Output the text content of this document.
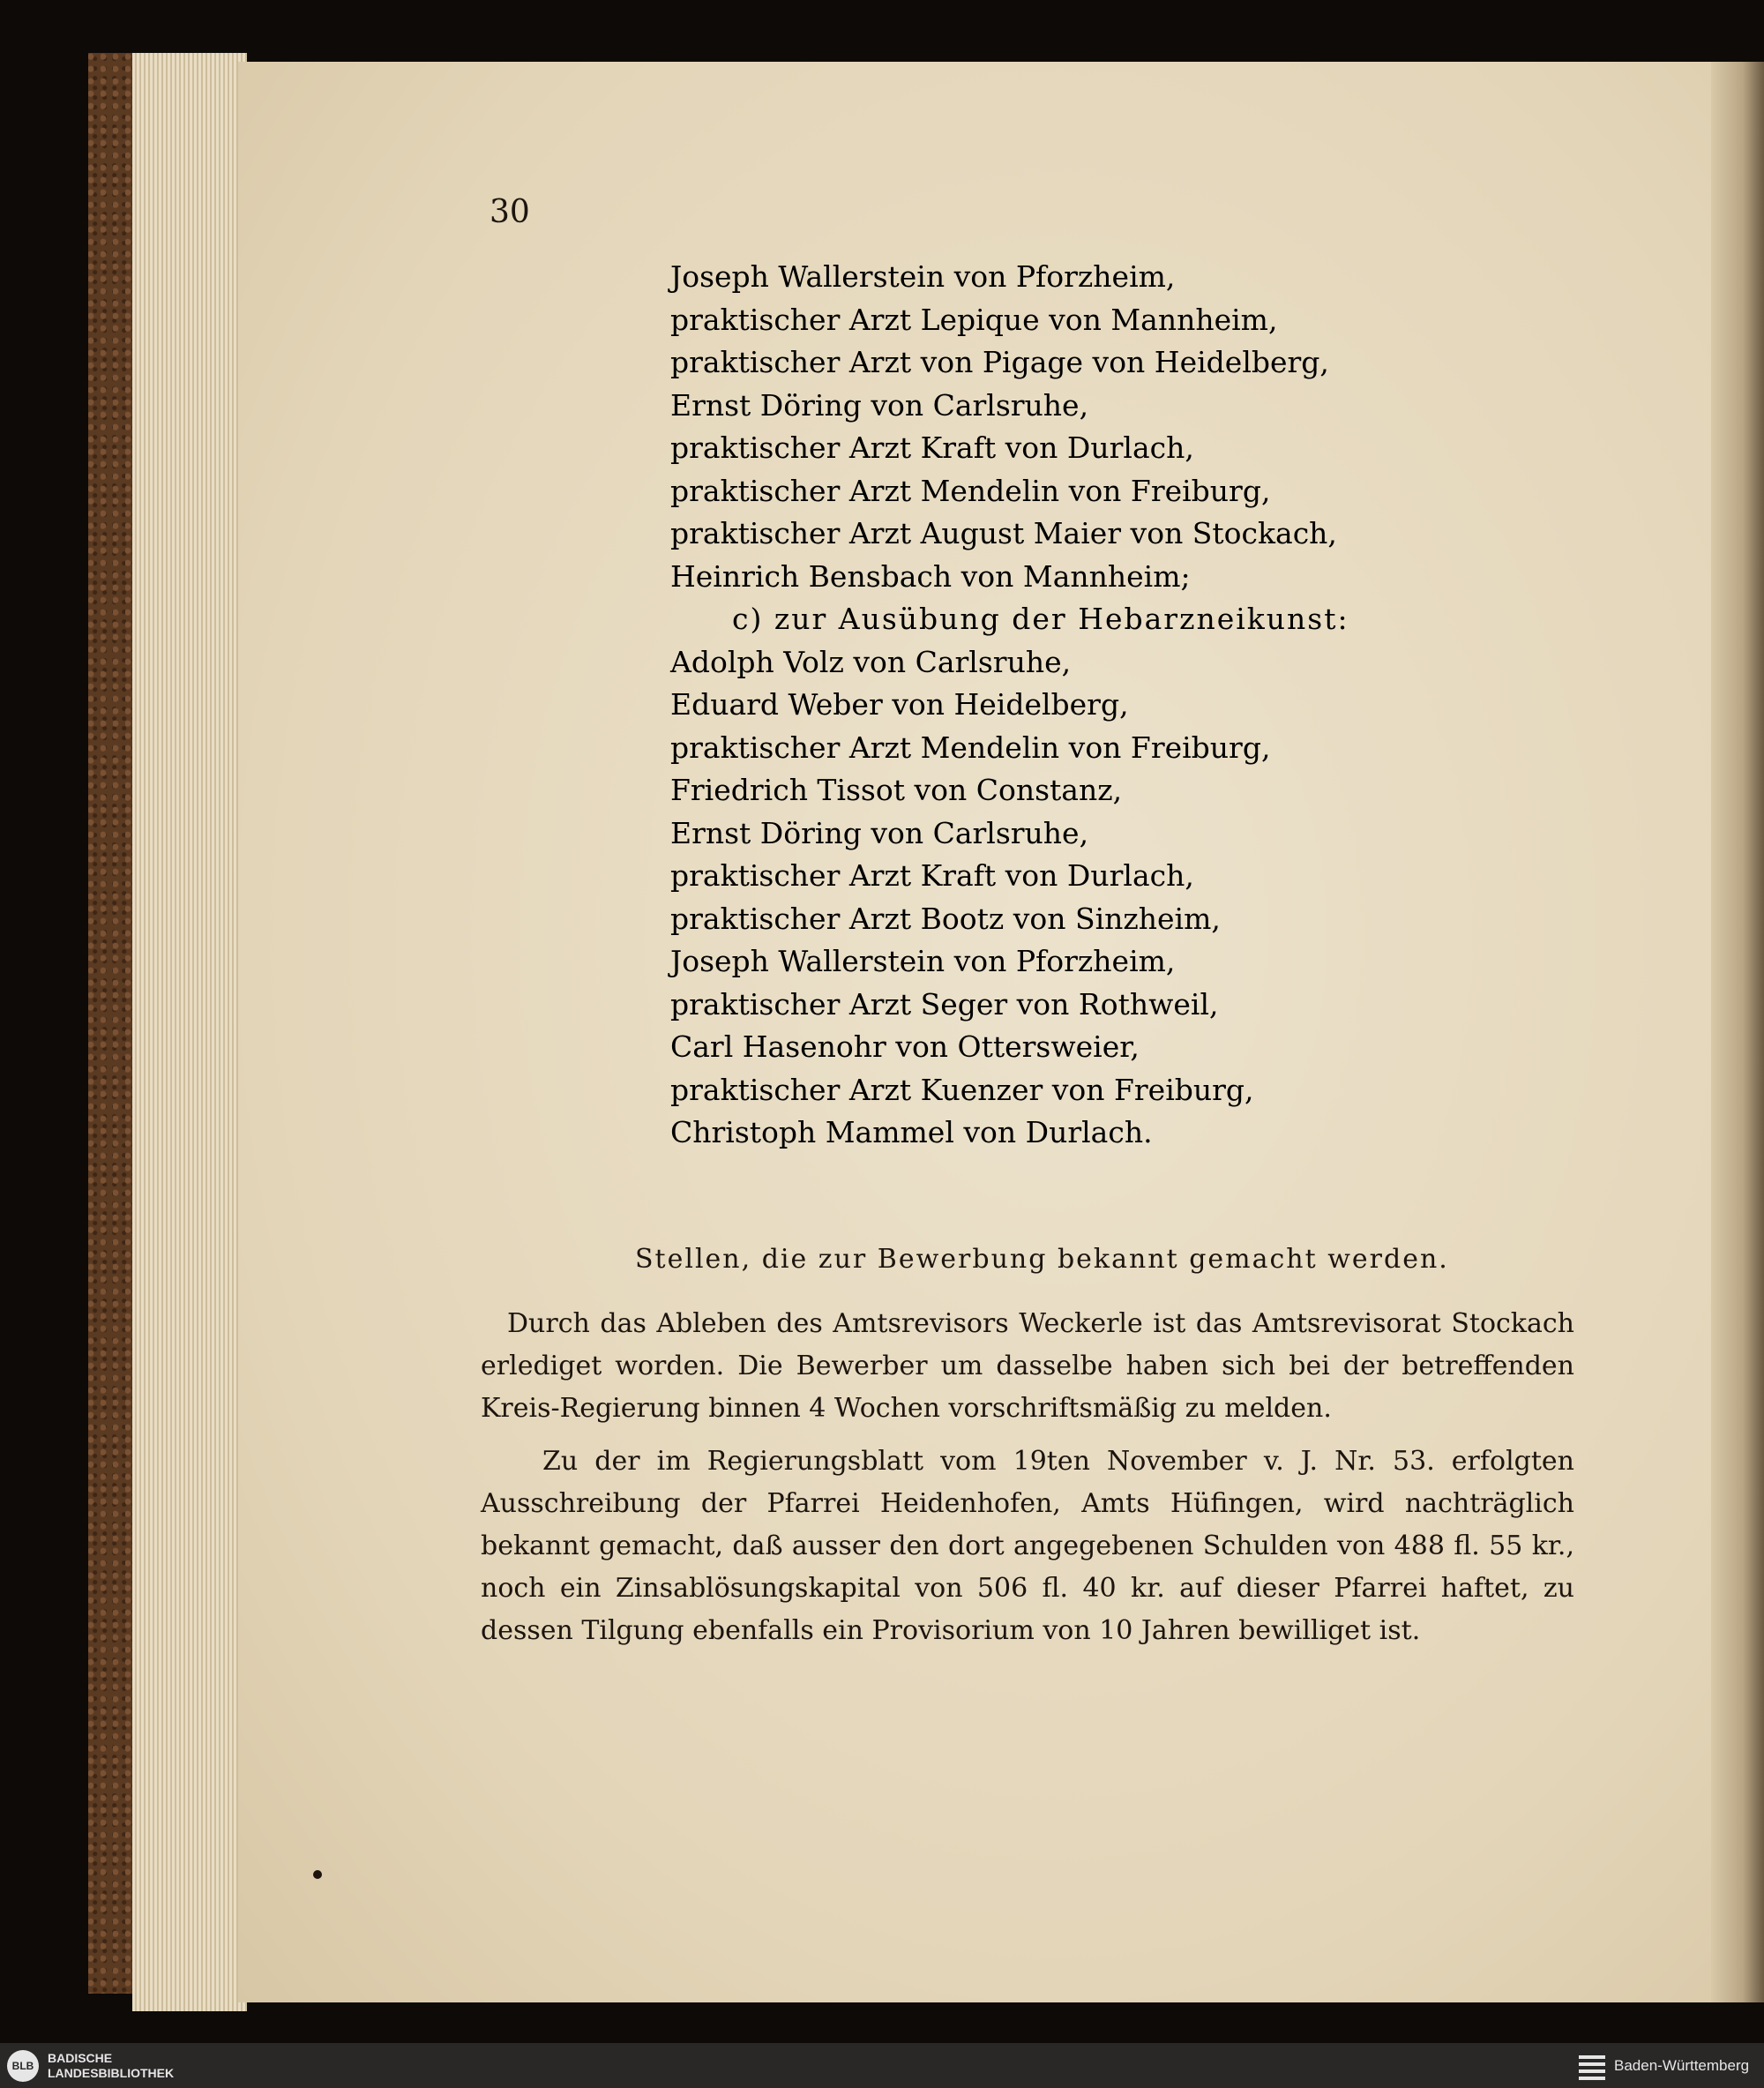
30
Joseph Wallerstein von Pforzheim,
praktischer Arzt Lepique von Mannheim,
praktischer Arzt von Pigage von Heidelberg,
Ernst Döring von Carlsruhe,
praktischer Arzt Kraft von Durlach,
praktischer Arzt Mendelin von Freiburg,
praktischer Arzt August Maier von Stockach,
Heinrich Bensbach von Mannheim;
c) zur Ausübung der Hebarzneikunst:
Adolph Volz von Carlsruhe,
Eduard Weber von Heidelberg,
praktischer Arzt Mendelin von Freiburg,
Friedrich Tissot von Constanz,
Ernst Döring von Carlsruhe,
praktischer Arzt Kraft von Durlach,
praktischer Arzt Bootz von Sinzheim,
Joseph Wallerstein von Pforzheim,
praktischer Arzt Seger von Rothweil,
Carl Hasenohr von Ottersweier,
praktischer Arzt Kuenzer von Freiburg,
Christoph Mammel von Durlach.
Stellen, die zur Bewerbung bekannt gemacht werden.
Durch das Ableben des Amtsrevisors Weckerle ist das Amtsrevisorat Stockach erlediget worden. Die Bewerber um dasselbe haben sich bei der betreffenden Kreis-Regierung binnen 4 Wochen vorschriftsmäßig zu melden.
Zu der im Regierungsblatt vom 19ten November v. J. Nr. 53. erfolgten Ausschreibung der Pfarrei Heidenhofen, Amts Hüfingen, wird nachträglich bekannt gemacht, daß ausser den dort angegebenen Schulden von 488 fl. 55 kr., noch ein Zinsablösungskapital von 506 fl. 40 kr. auf dieser Pfarrei haftet, zu dessen Tilgung ebenfalls ein Provisorium von 10 Jahren bewilliget ist.
BLB
BADISCHE
LANDESBIBLIOTHEK	Baden-Württemberg
